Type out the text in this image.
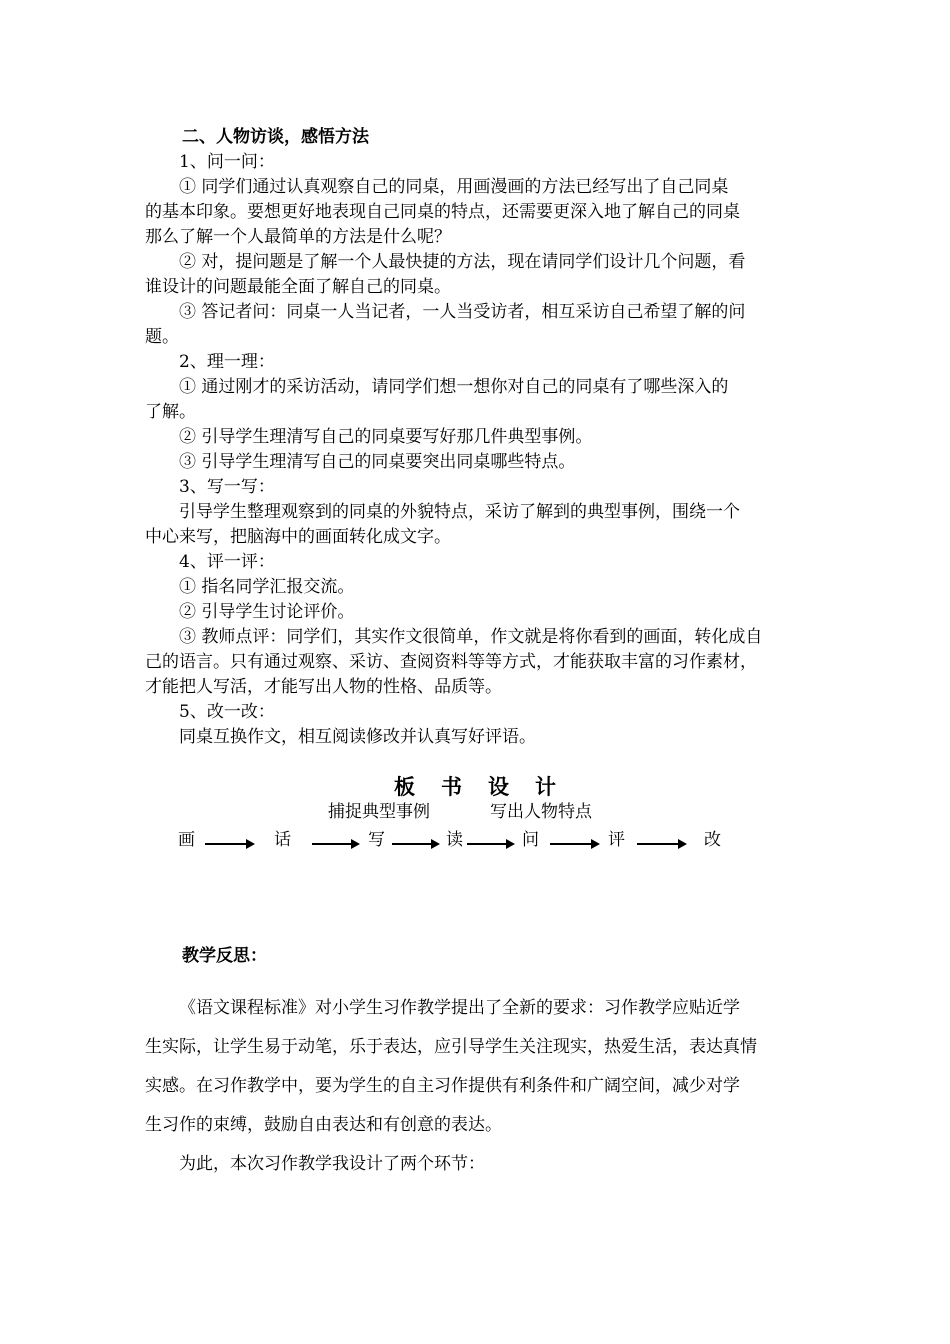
二、人物访谈，感悟方法
1、问一问：
① 同学们通过认真观察自己的同桌，用画漫画的方法已经写出了自己同桌
的基本印象。要想更好地表现自己同桌的特点，还需要更深入地了解自己的同桌
那么了解一个人最简单的方法是什么呢？
② 对，提问题是了解一个人最快捷的方法，现在请同学们设计几个问题，看
谁设计的问题最能全面了解自己的同桌。
③ 答记者问：同桌一人当记者，一人当受访者，相互采访自己希望了解的问
题。
2、理一理：
① 通过刚才的采访活动，请同学们想一想你对自己的同桌有了哪些深入的
了解。
② 引导学生理清写自己的同桌要写好那几件典型事例。
③ 引导学生理清写自己的同桌要突出同桌哪些特点。
3、写一写：
引导学生整理观察到的同桌的外貌特点，采访了解到的典型事例，围绕一个
中心来写，把脑海中的画面转化成文字。
4、评一评：
① 指名同学汇报交流。
② 引导学生讨论评价。
③ 教师点评：同学们，其实作文很简单，作文就是将你看到的画面，转化成自
己的语言。只有通过观察、采访、查阅资料等等方式，才能获取丰富的习作素材，
才能把人写活，才能写出人物的性格、品质等。
5、改一改：
同桌互换作文，相互阅读修改并认真写好评语。
板 书 设 计
捕捉典型事例	写出人物特点
画	话	写	读	问	评	改
教学反思：
《语文课程标准》对小学生习作教学提出了全新的要求：习作教学应贴近学
生实际，让学生易于动笔，乐于表达，应引导学生关注现实，热爱生活，表达真情
实感。在习作教学中，要为学生的自主习作提供有利条件和广阔空间，减少对学
生习作的束缚，鼓励自由表达和有创意的表达。
为此，本次习作教学我设计了两个环节：
